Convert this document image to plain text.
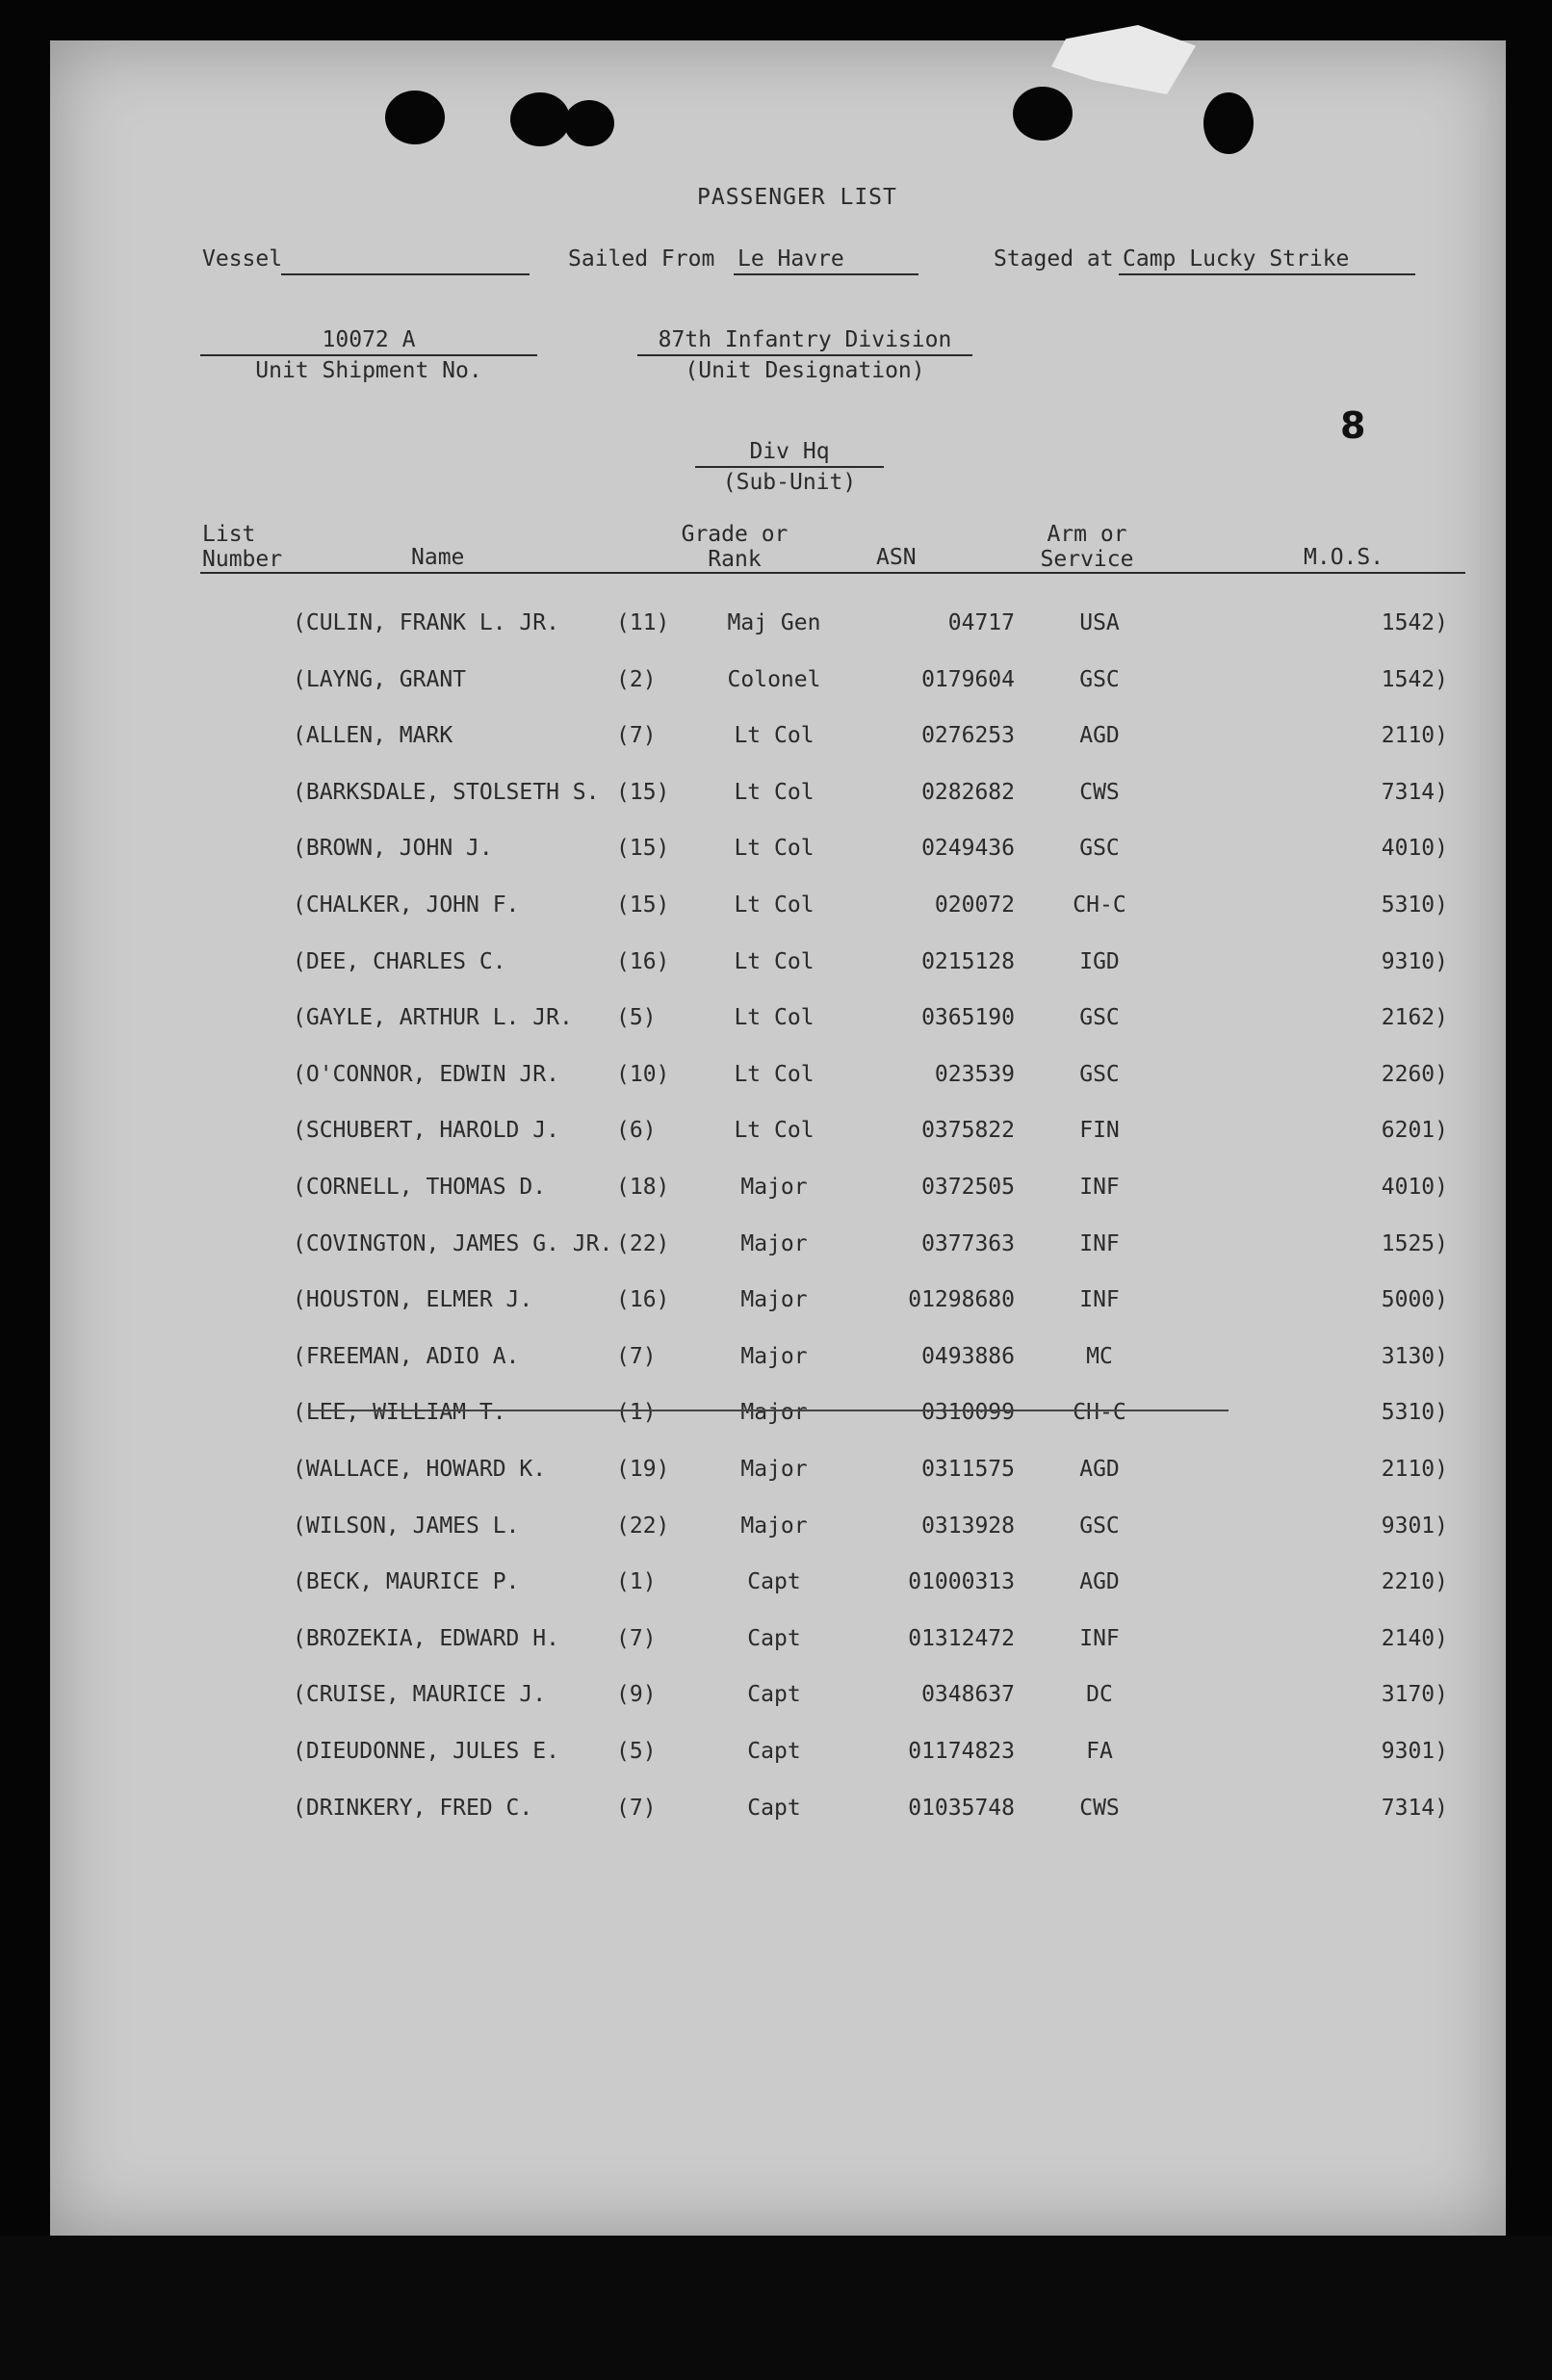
PASSENGER LIST
Vessel	Sailed From Le Havre	Staged at Camp Lucky Strike
10072 A
Unit Shipment No.
87th Infantry Division
(Unit Designation)
8
Div Hq
(Sub-Unit)
List
Number	Name
Grade or
Rank	ASN
Arm or
Service	M.O.S.
(CULIN, FRANK L. JR.	(11)	Maj Gen	04717	USA	1542)
(LAYNG, GRANT	(2)	Colonel	0179604	GSC	1542)
(ALLEN, MARK	(7)	Lt Col	0276253	AGD	2110)
(BARKSDALE, STOLSETH S. (15)	Lt Col	0282682	CWS	7314)
(BROWN, JOHN J.	(15)	Lt Col	0249436	GSC	4010)
(CHALKER, JOHN F.	(15)	Lt Col	020072	CH-C	5310)
(DEE, CHARLES C.	(16)	Lt Col	0215128	IGD	9310)
(GAYLE, ARTHUR L. JR. (5)	Lt Col	0365190	GSC	2162)
(O'CONNOR, EDWIN JR.	(10)	Lt Col	023539	GSC	2260)
(SCHUBERT, HAROLD J.	(6)	Lt Col	0375822	FIN	6201)
(CORNELL, THOMAS D.	(18)	Major	0372505	INF	4010)
(COVINGTON, JAMES G. JR. (22)	Major	0377363	INF	1525)
(HOUSTON, ELMER J.	(16)	Major	01298680	INF	5000)
(FREEMAN, ADIO A.	(7)	Major	0493886	MC	3130)
(LEE, WILLIAM T.	(1)	Major	0310099	CH-C	5310)
(WALLACE, HOWARD K.	(19)	Major	0311575	AGD	2110)
(WILSON, JAMES L.	(22)	Major	0313928	GSC	9301)
(BECK, MAURICE P.	(1)	Capt	01000313	AGD	2210)
(BROZEKIA, EDWARD H.	(7)	Capt	01312472	INF	2140)
(CRUISE, MAURICE J.	(9)	Capt	0348637	DC	3170)
(DIEUDONNE, JULES E.	(5)	Capt	01174823	FA	9301)
(DRINKERY, FRED C.	(7)	Capt	01035748	CWS	7314)
